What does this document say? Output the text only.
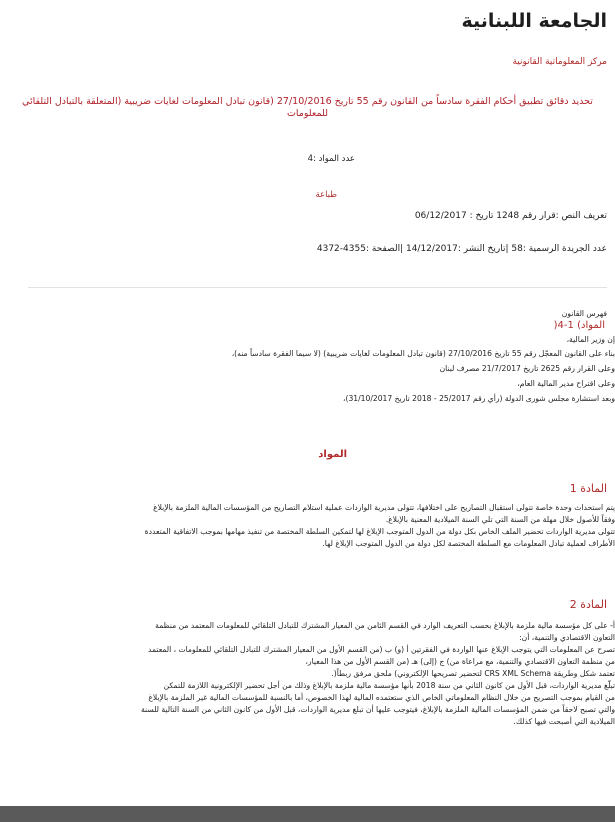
الجامعة اللبنانية
مركز المعلوماتية القانونية
تحديد دقائق تطبيق أحكام الفقرة سادساً من القانون رقم 55 تاريخ 27/10/2016 (قانون تبادل المعلومات لغايات ضريبية (المتعلقة بالتبادل التلقائي للمعلومات
عدد المواد :4
طباعة
تعريف النص :قرار رقم 1248 تاريخ : 06/12/2017
عدد الجريدة الرسمية :58 |تاريخ النشر :14/12/2017 |الصفحة :4355-4372
فهرس القانون
المواد) 1-4(
إن وزير المالية،
بناء على القانون المعجّل رقم 55 تاريخ 27/10/2016 (قانون تبادل المعلومات لغايات ضريبية) (لا سيما الفقرة سادساً منه)،
وعلى القرار رقم 2625 تاريخ 21/7/2017 مصرف لبنان
وعلى اقتراح مدير المالية العام،
وبعد استشارة مجلس شورى الدولة (رأي رقم 25/2017 - 2018 تاريخ 31/10/2017)،
المواد
المادة 1
يتم استحداث وحدة خاصة تتولى استقبال التصاريح على اختلافها، تتولى مديرية الواردات عملية استلام التصاريح من المؤسسات المالية الملزمة بالإبلاغ
وفقاً للأصول خلال مهلة من السنة التي تلي السنة الميلادية المعنية بالإبلاغ.
تتولى مديرية الواردات تحضير الملف الخاص بكل دولة من الدول المتوجب الإبلاغ لها لتمكين السلطة المختصة من تنفيذ مهامها بموجب الاتفاقية المتعددة
الأطراف لعملية تبادل المعلومات مع السلطة المختصة لكل دولة من الدول المتوجب الإبلاغ لها.
المادة 2
أ- على كل مؤسسة مالية ملزمة بالإبلاغ بحسب التعريف الوارد في القسم الثامن من المعيار المشترك للتبادل التلقائي للمعلومات المعتمد من منظمة
التعاون الاقتصادي والتنمية، أن:
تصرح عن المعلومات التي يتوجب الإبلاغ عنها الواردة في الفقرتين أ (و) ب (من القسم الأول من المعيار المشترك للتبادل التلقائي للمعلومات ، المعتمد
من منظمة التعاون الاقتصادي والتنمية، مع مراعاة من) ج (إلى) هـ (من القسم الأول من هذا المعيار،
تعتمد شكل وطريقة CRS XML Schema لتحضير تصريحها الإلكتروني) ملحق مرفق ربطاً(.
تبلّغ مديرية الواردات، قبل الأول من كانون الثاني من سنة 2018 بأنها مؤسسة مالية ملزمة بالإبلاغ وذلك من أجل تحضير الإلكترونية اللازمة للتمكن
من القيام بموجب التصريح من خلال النظام المعلوماتي الخاص الذي ستعتمده المالية لهذا الخصوص، أما بالنسبة للمؤسسات المالية غير الملزمة بالإبلاغ
والتي تصبح لاحقاً من ضمن المؤسسات المالية الملزمة بالإبلاغ، فيتوجب عليها أن تبلغ مديرية الواردات، قبل الأول من كانون الثاني من السنة التالية للسنة
الميلادية التي أصبحت فيها كذلك.
